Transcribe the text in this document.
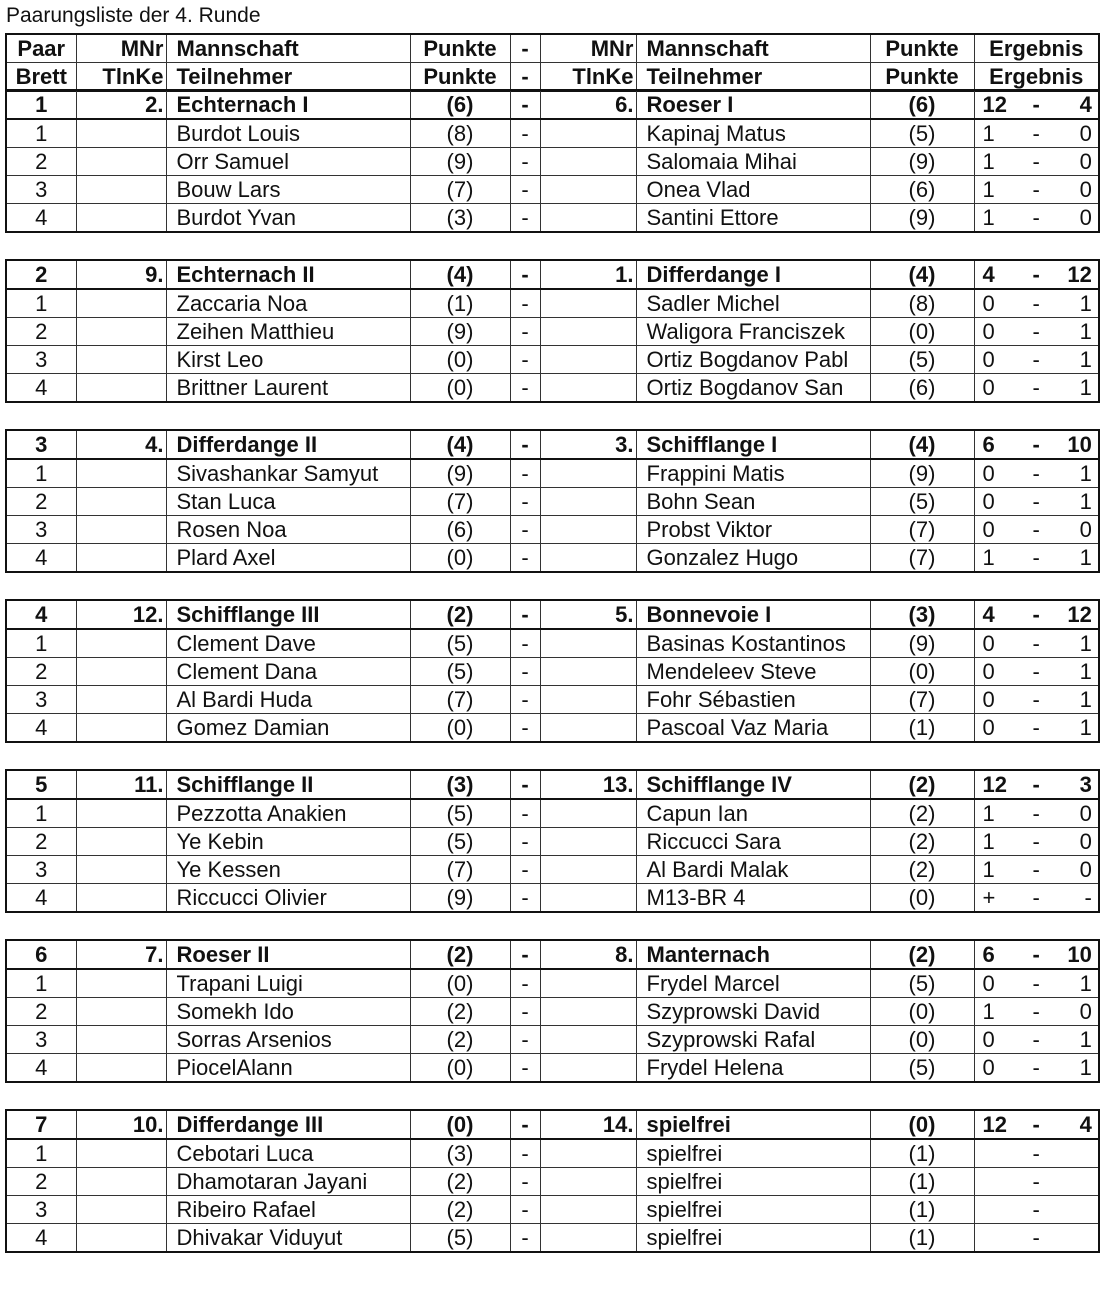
Paarungsliste der 4. Runde
Paar	MNr	Mannschaft	Punkte	-	MNr	Mannschaft	Punkte	Ergebnis
Brett	TlnKe	Teilnehmer	Punkte	-	TlnKe	Teilnehmer	Punkte	Ergebnis
1	2.	Echternach I	(6)	-	6.	Roeser I	(6)	12 - 4
1		Burdot Louis	(8)	-		Kapinaj Matus	(5)	1 - 0
2		Orr Samuel	(9)	-		Salomaia Mihai	(9)	1 - 0
3		Bouw Lars	(7)	-		Onea Vlad	(6)	1 - 0
4		Burdot Yvan	(3)	-		Santini Ettore	(9)	1 - 0
2	9.	Echternach II	(4)	-	1.	Differdange I	(4)	4 - 12
1		Zaccaria Noa	(1)	-		Sadler Michel	(8)	0 - 1
2		Zeihen Matthieu	(9)	-		Waligora Franciszek	(0)	0 - 1
3		Kirst Leo	(0)	-		Ortiz Bogdanov Pabl	(5)	0 - 1
4		Brittner Laurent	(0)	-		Ortiz Bogdanov San	(6)	0 - 1
3	4.	Differdange II	(4)	-	3.	Schifflange I	(4)	6 - 10
1		Sivashankar Samyut	(9)	-		Frappini Matis	(9)	0 - 1
2		Stan Luca	(7)	-		Bohn Sean	(5)	0 - 1
3		Rosen Noa	(6)	-		Probst Viktor	(7)	0 - 0
4		Plard Axel	(0)	-		Gonzalez Hugo	(7)	1 - 1
4	12.	Schifflange III	(2)	-	5.	Bonnevoie I	(3)	4 - 12
1		Clement Dave	(5)	-		Basinas Kostantinos	(9)	0 - 1
2		Clement Dana	(5)	-		Mendeleev Steve	(0)	0 - 1
3		Al Bardi Huda	(7)	-		Fohr Sébastien	(7)	0 - 1
4		Gomez Damian	(0)	-		Pascoal Vaz Maria	(1)	0 - 1
5	11.	Schifflange II	(3)	-	13.	Schifflange IV	(2)	12 - 3
1		Pezzotta Anakien	(5)	-		Capun Ian	(2)	1 - 0
2		Ye Kebin	(5)	-		Riccucci Sara	(2)	1 - 0
3		Ye Kessen	(7)	-		Al Bardi Malak	(2)	1 - 0
4		Riccucci Olivier	(9)	-		M13-BR 4	(0)	+ - -
6	7.	Roeser II	(2)	-	8.	Manternach	(2)	6 - 10
1		Trapani Luigi	(0)	-		Frydel Marcel	(5)	0 - 1
2		Somekh Ido	(2)	-		Szyprowski David	(0)	1 - 0
3		Sorras Arsenios	(2)	-		Szyprowski Rafal	(0)	0 - 1
4		PiocelAlann	(0)	-		Frydel Helena	(5)	0 - 1
7	10.	Differdange III	(0)	-	14.	spielfrei	(0)	12 - 4
1		Cebotari Luca	(3)	-		spielfrei	(1)	-
2		Dhamotaran Jayani	(2)	-		spielfrei	(1)	-
3		Ribeiro Rafael	(2)	-		spielfrei	(1)	-
4		Dhivakar Viduyut	(5)	-		spielfrei	(1)	-
